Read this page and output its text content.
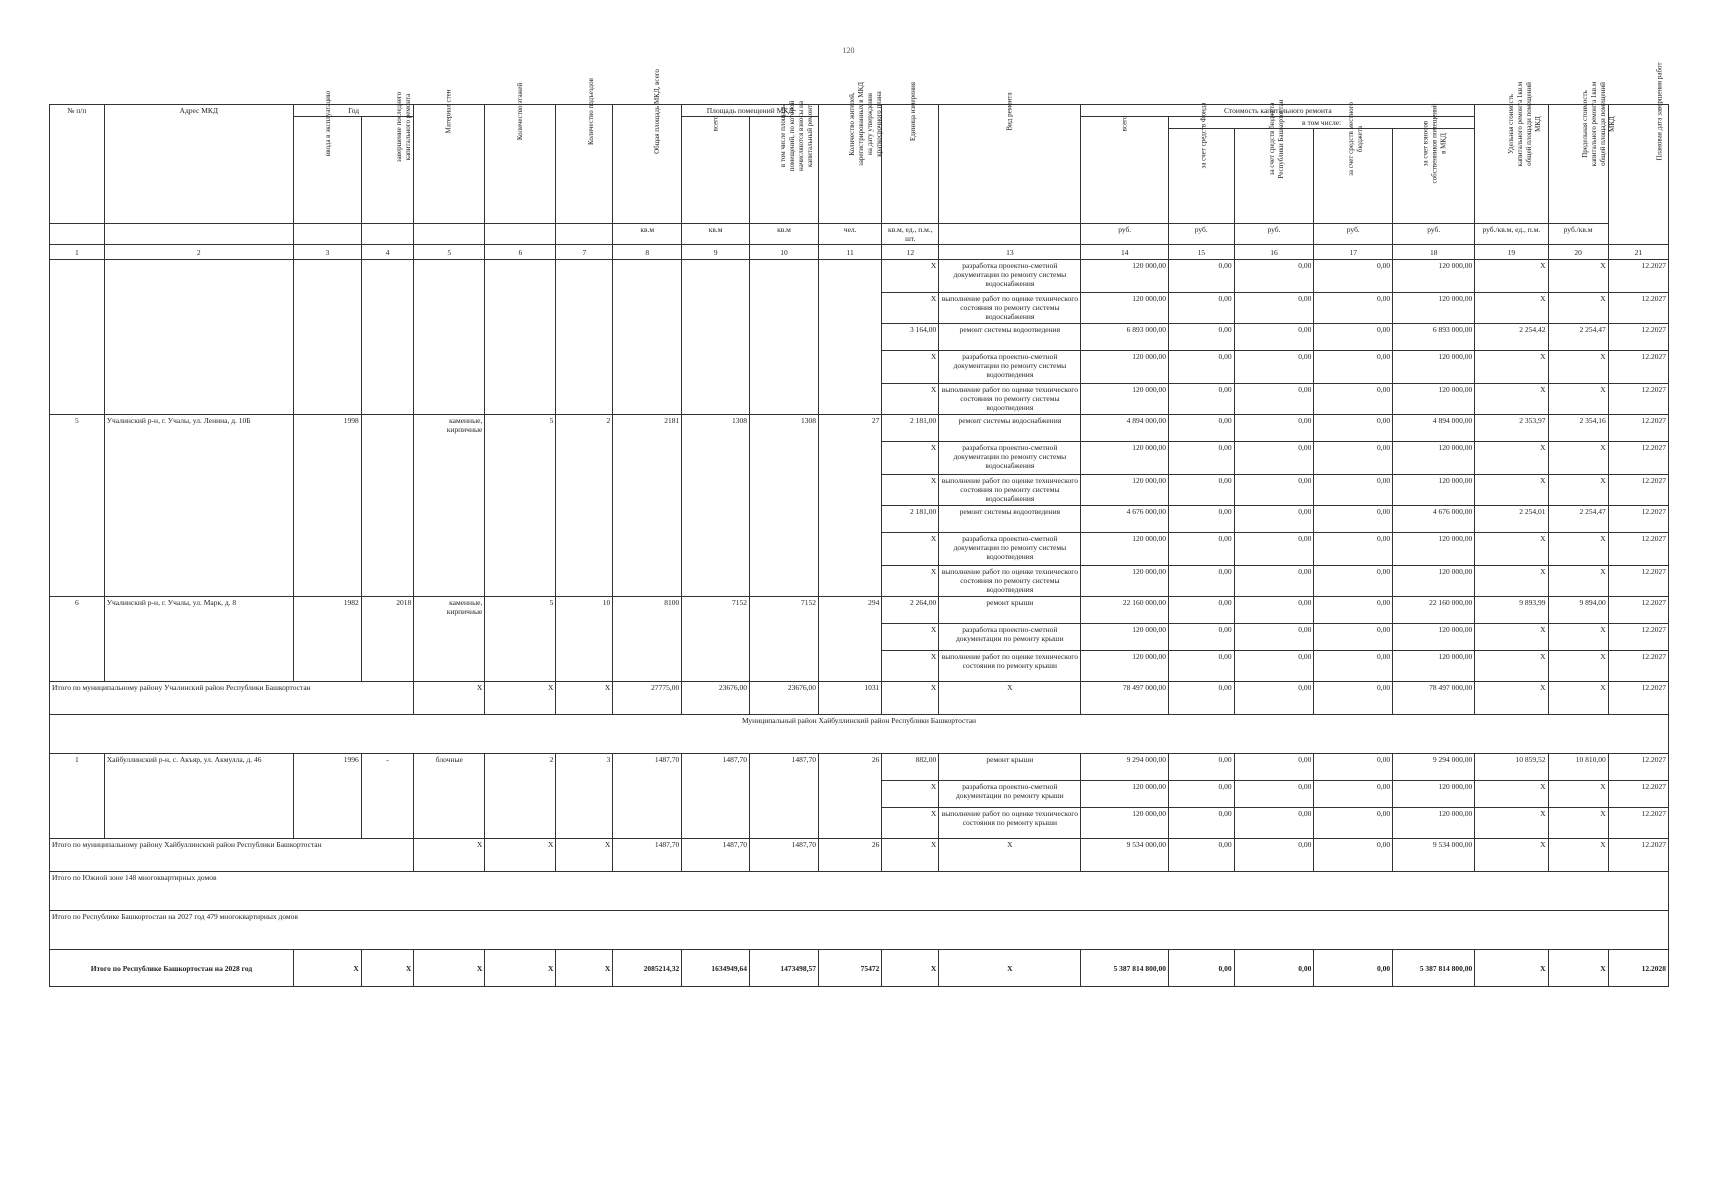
120
№ п/п	Адрес МКД	Год		Материал стен	Количество этажей	Количество подъездов	Общая площадь МКД, всего	Площадь помещений МКД		Количество жителей, зарегистрированных в МКД на дату утверждения краткосрочного плана	Единица измерения	Вид ремонта	Стоимость капитального ремонта					Удельная стоимость капитального ремонта 1кв.м общей площади помещений МКД	Предельная стоимость капитального ремонта 1кв.м общей площади помещений МКД	Плановая дата завершения работ
		ввода в эксплуатацию	завершение последнего капитального ремонта					всего	в том числе площадь помещений, по которой начисляются взносы на капитальный ремонт				всего	в том числе:						
														за счет средств Фонда	за счет средств бюджета Республики Башкортостан	за счет средств местного бюджета	за счет взносов собственников помещений в МКД			
							кв.м	кв.м	кв.м	чел.	кв.м, ед., п.м., шт.		руб.	руб.	руб.	руб.	руб.	руб./кв.м, ед., п.м.	руб./кв.м	
1	2	3	4	5	6	7	8	9	10	11	12	13	14	15	16	17	18	19	20	21
											X	разработка проектно-сметной документации по ремонту системы водоснабжения	120 000,00	0,00	0,00	0,00	120 000,00	X	X	12.2027
											X	выполнение работ по оценке технического состояния по ремонту системы водоснабжения	120 000,00	0,00	0,00	0,00	120 000,00	X	X	12.2027
											3 164,00	ремонт системы водоотведения	6 893 000,00	0,00	0,00	0,00	6 893 000,00	2 254,42	2 254,47	12.2027
											X	разработка проектно-сметной документации по ремонту системы водоотведения	120 000,00	0,00	0,00	0,00	120 000,00	X	X	12.2027
											X	выполнение работ по оценке технического состояния по ремонту системы водоотведения	120 000,00	0,00	0,00	0,00	120 000,00	X	X	12.2027
5	Учалинский р-н, г. Учалы, ул. Ленина, д. 10Б	1998		каменные, кирпичные	5	2	2181	1308	1308	27	2 181,00	ремонт системы водоснабжения	4 894 000,00	0,00	0,00	0,00	4 894 000,00	2 353,97	2 354,16	12.2027
											X	разработка проектно-сметной документации по ремонту системы водоснабжения	120 000,00	0,00	0,00	0,00	120 000,00	X	X	12.2027
											X	выполнение работ по оценке технического состояния по ремонту системы водоснабжения	120 000,00	0,00	0,00	0,00	120 000,00	X	X	12.2027
											2 181,00	ремонт системы водоотведения	4 676 000,00	0,00	0,00	0,00	4 676 000,00	2 254,01	2 254,47	12.2027
											X	разработка проектно-сметной документации по ремонту системы водоотведения	120 000,00	0,00	0,00	0,00	120 000,00	X	X	12.2027
											X	выполнение работ по оценке технического состояния по ремонту системы водоотведения	120 000,00	0,00	0,00	0,00	120 000,00	X	X	12.2027
6	Учалинский р-н, г. Учалы, ул. Марк, д. 8	1982	2018	каменные, кирпичные	5	10	8100	7152	7152	294	2 264,00	ремонт крыши	22 160 000,00	0,00	0,00	0,00	22 160 000,00	9 893,99	9 894,00	12.2027
											X	разработка проектно-сметной документации по ремонту крыши	120 000,00	0,00	0,00	0,00	120 000,00	X	X	12.2027
											X	выполнение работ по оценке технического состояния по ремонту крыши	120 000,00	0,00	0,00	0,00	120 000,00	X	X	12.2027
Итого по муниципальному району Учалинский район Республики Башкортостан				X	X	X	27775,00	23676,00	23676,00	1031	X	X	78 497 000,00	0,00	0,00	0,00	78 497 000,00	X	X	12.2027
Муниципальный район Хайбуллинский район Республики Башкортостан																				
1	Хайбуллинский р-н, с. Акъяр, ул. Акмулла, д. 46	1996	-	блочные	2	3	1487,70	1487,70	1487,70	26	882,00	ремонт крыши	9 294 000,00	0,00	0,00	0,00	9 294 000,00	10 859,52	10 810,00	12.2027
											X	разработка проектно-сметной документации по ремонту крыши	120 000,00	0,00	0,00	0,00	120 000,00	X	X	12.2027
											X	выполнение работ по оценке технического состояния по ремонту крыши	120 000,00	0,00	0,00	0,00	120 000,00	X	X	12.2027
Итого по муниципальному району Хайбуллинский район Республики Башкортостан				X	X	X	1487,70	1487,70	1487,70	26	X	X	9 534 000,00	0,00	0,00	0,00	9 534 000,00	X	X	12.2027
Итого по Южной зоне 148 многоквартирных домов																				
Итого по Республике Башкортостан на 2027 год 479 многоквартирных домов																				
Итого по Республике Башкортостан на 2028 год		X	X	X	X	X	2085214,32	1634949,64	1473498,57	75472	X	X	5 387 814 800,00	0,00	0,00	0,00	5 387 814 800,00	X	X	12.2028
